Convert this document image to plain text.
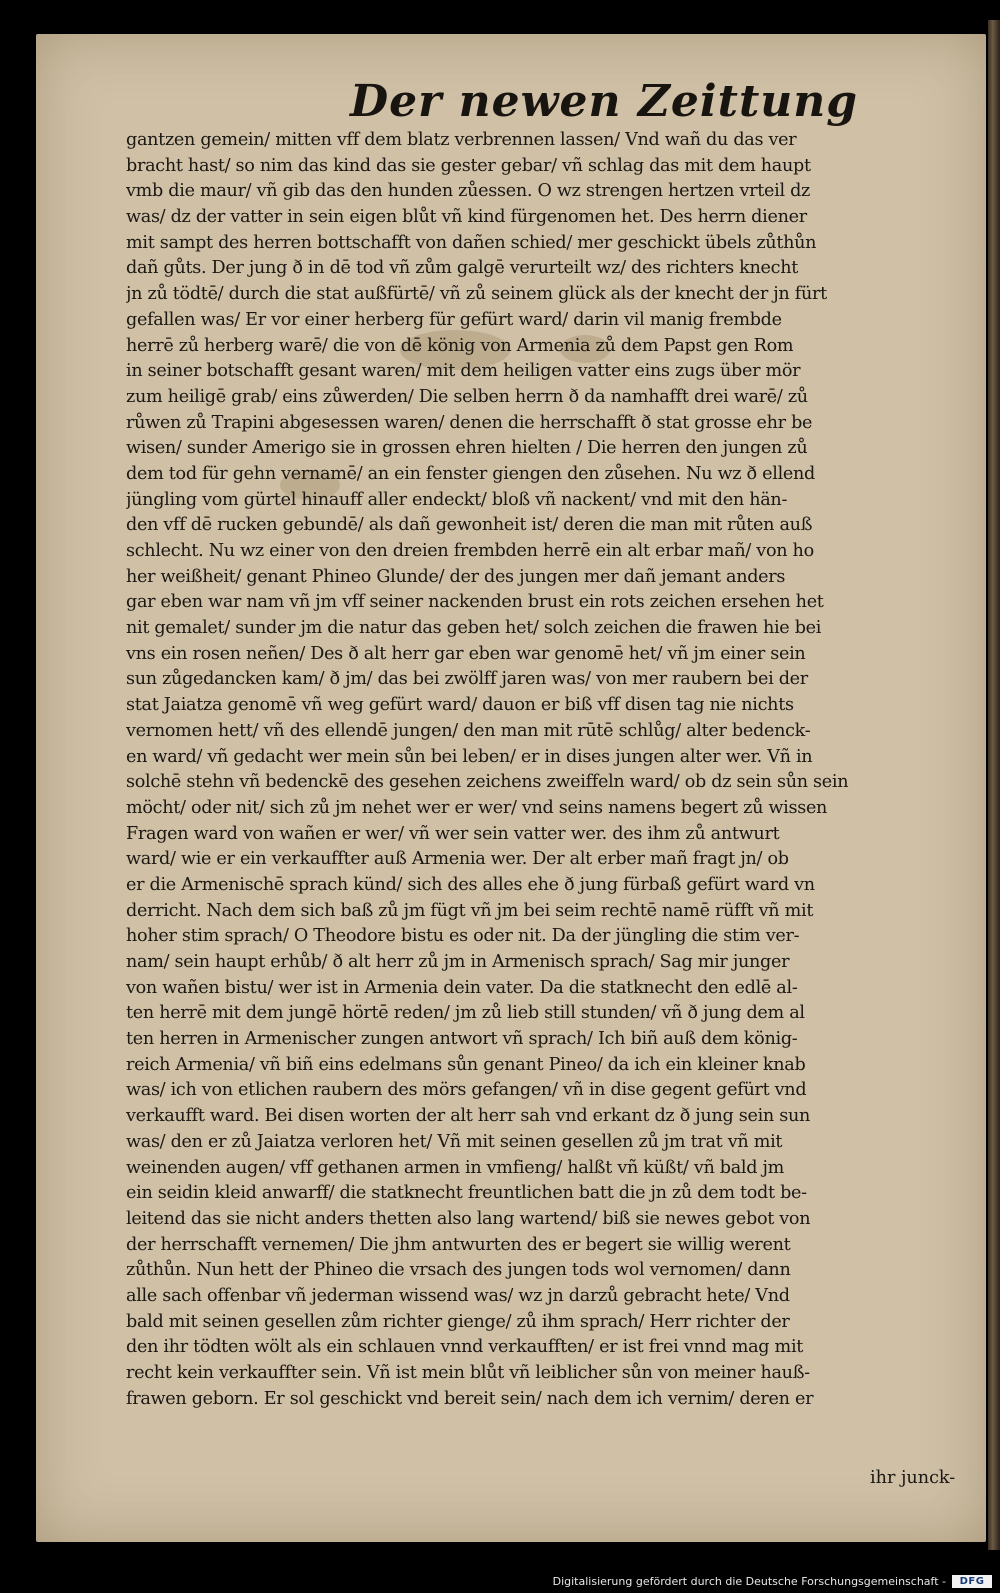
Der newen Zeittung
gantzen gemein/ mitten vff dem blatz verbrennen lassen/ Vnd wañ du das ver
bracht hast/ so nim das kind das sie gester gebar/ vñ schlag das mit dem haupt
vmb die maur/ vñ gib das den hunden zůessen. O wz strengen hertzen vrteil dz
was/ dz der vatter in sein eigen blůt vñ kind fürgenomen het. Des herrn diener
mit sampt des herren bottschafft von dañen schied/ mer geschickt übels zůthůn
dañ gůts. Der jung ð in dē tod vñ zům galgē verurteilt wz/ des richters knecht
jn zů tödtē/ durch die stat außfürtē/ vñ zů seinem glück als der knecht der jn fürt
gefallen was/ Er vor einer herberg für gefürt ward/ darin vil manig frembde
herrē zů herberg warē/ die von dē könig von Armenia zů dem Papst gen Rom
in seiner botschafft gesant waren/ mit dem heiligen vatter eins zugs über mör
zum heiligē grab/ eins zůwerden/ Die selben herrn ð da namhafft drei warē/ zů
růwen zů Trapini abgesessen waren/ denen die herrschafft ð stat grosse ehr be
wisen/ sunder Amerigo sie in grossen ehren hielten / Die herren den jungen zů
dem tod für gehn vernamē/ an ein fenster giengen den zůsehen. Nu wz ð ellend
jüngling vom gürtel hinauff aller endeckt/ bloß vñ nackent/ vnd mit den hän-
den vff dē rucken gebundē/ als dañ gewonheit ist/ deren die man mit růten auß
schlecht. Nu wz einer von den dreien frembden herrē ein alt erbar mañ/ von ho
her weißheit/ genant Phineo Glunde/ der des jungen mer dañ jemant anders
gar eben war nam vñ jm vff seiner nackenden brust ein rots zeichen ersehen het
nit gemalet/ sunder jm die natur das geben het/ solch zeichen die frawen hie bei
vns ein rosen neñen/ Des ð alt herr gar eben war genomē het/ vñ jm einer sein
sun zůgedancken kam/ ð jm/ das bei zwölff jaren was/ von mer raubern bei der
stat Jaiatza genomē vñ weg gefürt ward/ dauon er biß vff disen tag nie nichts
vernomen hett/ vñ des ellendē jungen/ den man mit rūtē schlůg/ alter bedenck-
en ward/ vñ gedacht wer mein sůn bei leben/ er in dises jungen alter wer. Vñ in
solchē stehn vñ bedenckē des gesehen zeichens zweiffeln ward/ ob dz sein sůn sein
möcht/ oder nit/ sich zů jm nehet wer er wer/ vnd seins namens begert zů wissen
Fragen ward von wañen er wer/ vñ wer sein vatter wer. des ihm zů antwurt
ward/ wie er ein verkauffter auß Armenia wer. Der alt erber mañ fragt jn/ ob
er die Armenischē sprach künd/ sich des alles ehe ð jung fürbaß gefürt ward vn
derricht. Nach dem sich baß zů jm fügt vñ jm bei seim rechtē namē rüfft vñ mit
hoher stim sprach/ O Theodore bistu es oder nit. Da der jüngling die stim ver-
nam/ sein haupt erhůb/ ð alt herr zů jm in Armenisch sprach/ Sag mir junger
von wañen bistu/ wer ist in Armenia dein vater. Da die statknecht den edlē al-
ten herrē mit dem jungē hörtē reden/ jm zů lieb still stunden/ vñ ð jung dem al
ten herren in Armenischer zungen antwort vñ sprach/ Ich biñ auß dem könig-
reich Armenia/ vñ biñ eins edelmans sůn genant Pineo/ da ich ein kleiner knab
was/ ich von etlichen raubern des mörs gefangen/ vñ in dise gegent gefürt vnd
verkaufft ward. Bei disen worten der alt herr sah vnd erkant dz ð jung sein sun
was/ den er zů Jaiatza verloren het/ Vñ mit seinen gesellen zů jm trat vñ mit
weinenden augen/ vff gethanen armen in vmfieng/ halßt vñ küßt/ vñ bald jm
ein seidin kleid anwarff/ die statknecht freuntlichen batt die jn zů dem todt be-
leitend das sie nicht anders thetten also lang wartend/ biß sie newes gebot von
der herrschafft vernemen/ Die jhm antwurten des er begert sie willig werent
zůthůn. Nun hett der Phineo die vrsach des jungen tods wol vernomen/ dann
alle sach offenbar vñ jederman wissend was/ wz jn darzů gebracht hete/ Vnd
bald mit seinen gesellen zům richter gienge/ zů ihm sprach/ Herr richter der
den ihr tödten wölt als ein schlauen vnnd verkaufften/ er ist frei vnnd mag mit
recht kein verkauffter sein. Vñ ist mein blůt vñ leiblicher sůn von meiner hauß-
frawen geborn. Er sol geschickt vnd bereit sein/ nach dem ich vernim/ deren er
ihr junck-
Digitalisierung gefördert durch die Deutsche Forschungsgemeinschaft -	DFG
